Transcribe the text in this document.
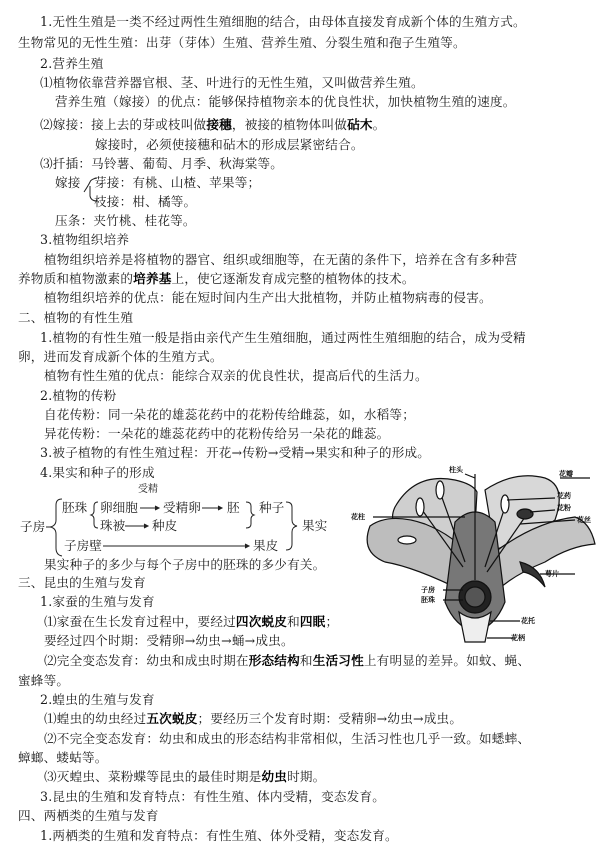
1.无性生殖是一类不经过两性生殖细胞的结合，由母体直接发育成新个体的生殖方式。
生物常见的无性生殖：出芽（芽体）生殖、营养生殖、分裂生殖和孢子生殖等。
2.营养生殖
⑴植物依靠营养器官根、茎、叶进行的无性生殖，又叫做营养生殖。
营养生殖（嫁接）的优点：能够保持植物亲本的优良性状，加快植物生殖的速度。
⑵嫁接：接上去的芽或枝叫做接穗，被接的植物体叫做砧木。
嫁接时，必须使接穗和砧木的形成层紧密结合。
⑶扦插：马铃薯、葡萄、月季、秋海棠等。
嫁接 芽接：有桃、山楂、苹果等；
枝接：柑、橘等。
压条：夹竹桃、桂花等。
3.植物组织培养
植物组织培养是将植物的器官、组织或细胞等，在无菌的条件下，培养在含有多种营
养物质和植物激素的培养基上，使它逐渐发育成完整的植物体的技术。
植物组织培养的优点：能在短时间内生产出大批植物，并防止植物病毒的侵害。
二、植物的有性生殖
1.植物的有性生殖一般是指由亲代产生生殖细胞，通过两性生殖细胞的结合，成为受精
卵，进而发育成新个体的生殖方式。
植物有性生殖的优点：能综合双亲的优良性状，提高后代的生活力。
2.植物的传粉
自花传粉：同一朵花的雄蕊花药中的花粉传给雌蕊，如，水稻等；
异花传粉：一朵花的雄蕊花药中的花粉传给另一朵花的雌蕊。
3.被子植物的有性生殖过程：开花→传粉→受精→果实和种子的形成。
4.果实和种子的形成
受精
胚珠 卵细胞 受精卵 胚 种子
珠被 种皮
子房	果实
子房壁	果皮
柱头	花瓣
花药
花粉
花丝
花柱
萼片
子房
胚珠
花托
花柄
果实种子的多少与每个子房中的胚珠的多少有关。
三、昆虫的生殖与发育
1.家蚕的生殖与发育
⑴家蚕在生长发育过程中，要经过四次蜕皮和四眠；
要经过四个时期：受精卵→幼虫→蛹→成虫。
⑵完全变态发育：幼虫和成虫时期在形态结构和生活习性上有明显的差异。如蚊、蝇、
蜜蜂等。
2.蝗虫的生殖与发育
⑴蝗虫的幼虫经过五次蜕皮；要经历三个发育时期：受精卵→幼虫→成虫。
⑵不完全变态发育：幼虫和成虫的形态结构非常相似，生活习性也几乎一致。如蟋蟀、
蟑螂、蝼蛄等。
⑶灭蝗虫、菜粉蝶等昆虫的最佳时期是幼虫时期。
3.昆虫的生殖和发育特点：有性生殖、体内受精，变态发育。
四、两栖类的生殖与发育
1.两栖类的生殖和发育特点：有性生殖、体外受精，变态发育。
